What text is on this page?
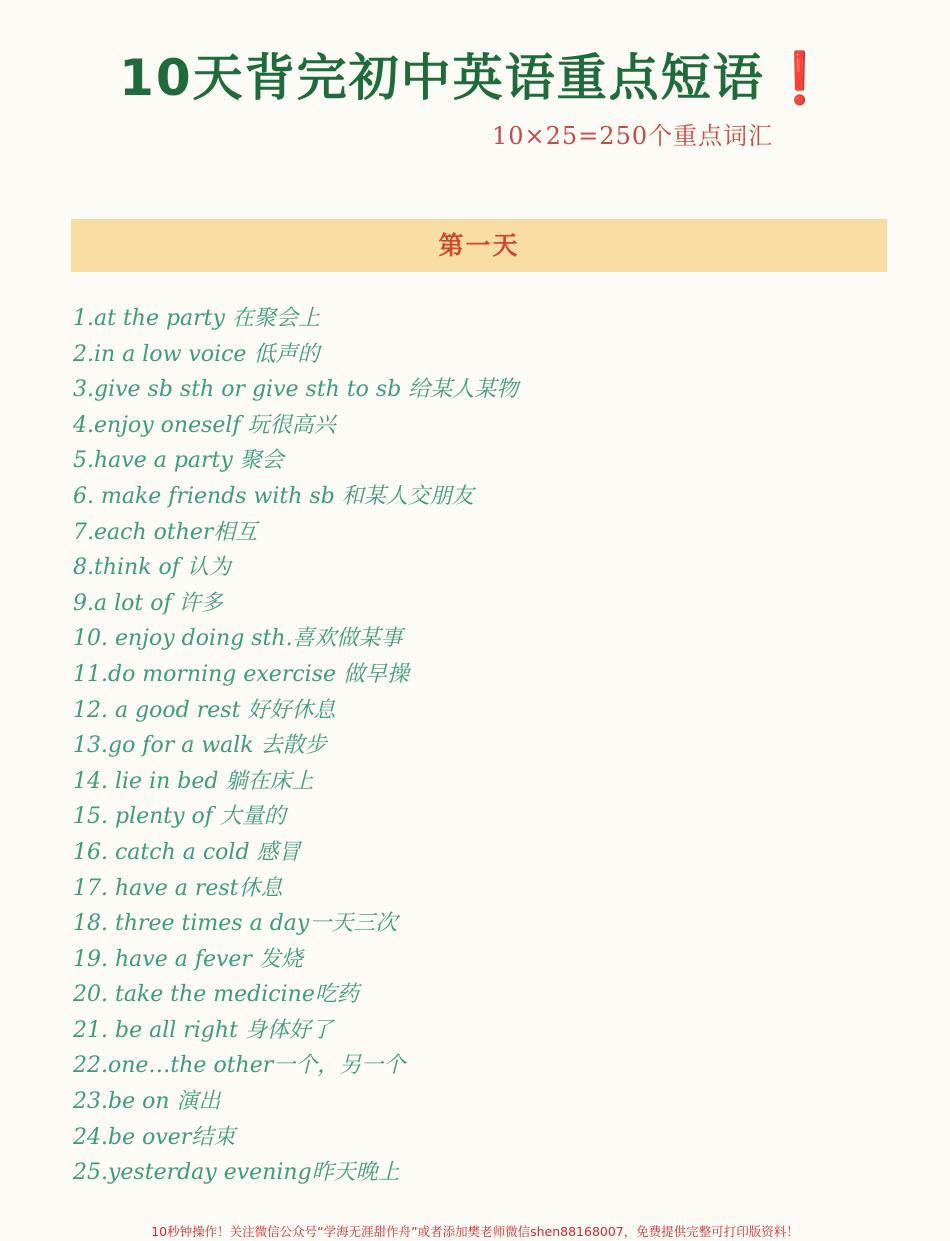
10天背完初中英语重点短语❗
10×25=250个重点词汇
第一天
1.at the party 在聚会上
2.in a low voice 低声的
3.give sb sth or give sth to sb 给某人某物
4.enjoy oneself 玩很高兴
5.have a party 聚会
6. make friends with sb 和某人交朋友
7.each other相互
8.think of 认为
9.a lot of 许多
10. enjoy doing sth.喜欢做某事
11.do morning exercise 做早操
12. a good rest 好好休息
13.go for a walk 去散步
14. lie in bed 躺在床上
15. plenty of 大量的
16. catch a cold 感冒
17. have a rest休息
18. three times a day一天三次
19. have a fever 发烧
20. take the medicine吃药
21. be all right 身体好了
22.one…the other一个，另一个
23.be on 演出
24.be over结束
25.yesterday evening昨天晚上
10秒钟操作！关注微信公众号“学海无涯甜作舟”或者添加樊老师微信shen88168007，免费提供完整可打印版资料！
